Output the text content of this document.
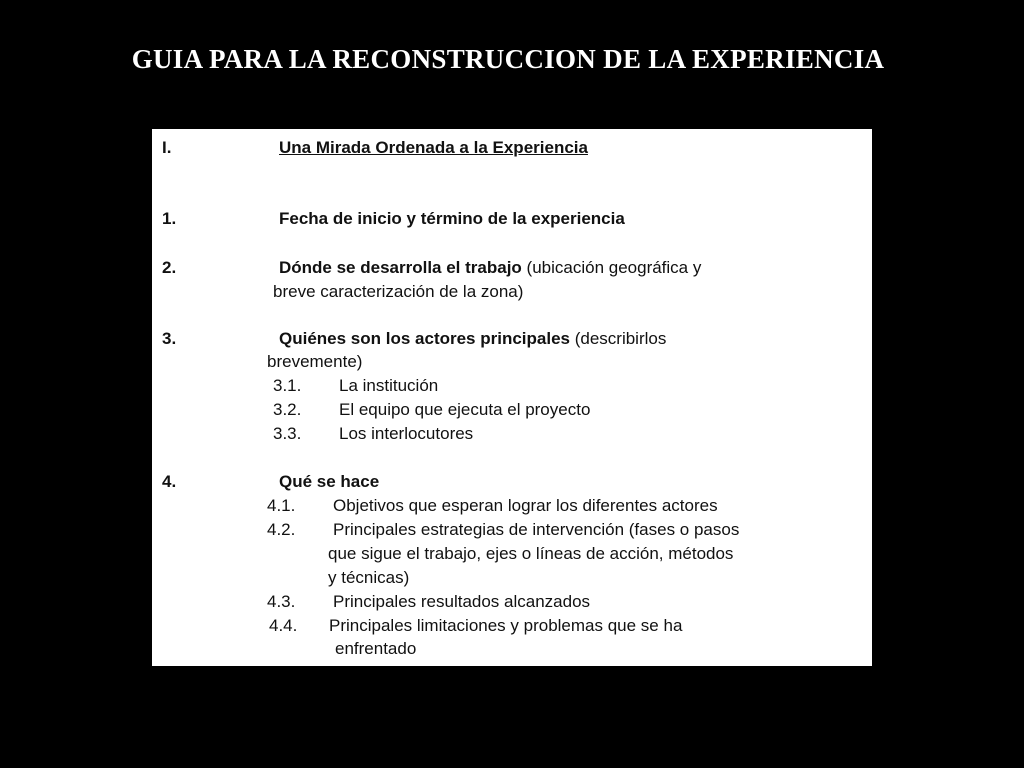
GUIA PARA LA RECONSTRUCCION DE LA EXPERIENCIA
I.	Una Mirada Ordenada a la Experiencia
1.	Fecha de inicio y término de la experiencia
2.	Dónde se desarrolla el trabajo (ubicación geográfica y
breve caracterización de la zona)
3.	Quiénes son los actores principales (describirlos
brevemente)
3.1. La institución
3.2. El equipo que ejecuta el proyecto
3.3. Los interlocutores
4.	Qué se hace
4.1. Objetivos que esperan lograr los diferentes actores
4.2. Principales estrategias de intervención (fases o pasos
que sigue el trabajo, ejes o líneas de acción, métodos
y técnicas)
4.3. Principales resultados alcanzados
4.4. Principales limitaciones y problemas que se ha
enfrentado
